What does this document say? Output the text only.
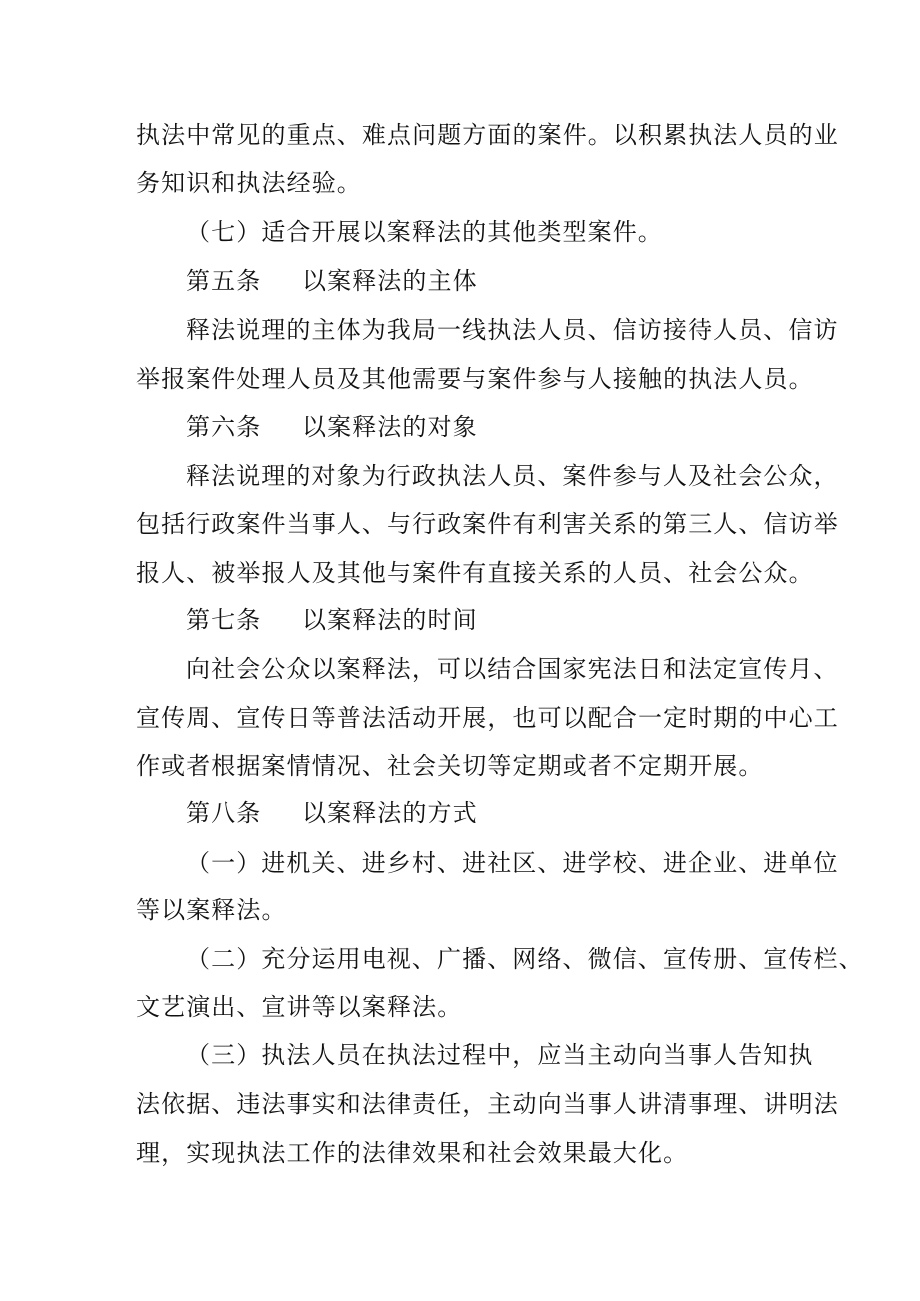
执法中常见的重点、难点问题方面的案件。以积累执法人员的业
务知识和执法经验。
（七）适合开展以案释法的其他类型案件。
第五条 以案释法的主体
释法说理的主体为我局一线执法人员、信访接待人员、信访
举报案件处理人员及其他需要与案件参与人接触的执法人员。
第六条 以案释法的对象
释法说理的对象为行政执法人员、案件参与人及社会公众，
包括行政案件当事人、与行政案件有利害关系的第三人、信访举
报人、被举报人及其他与案件有直接关系的人员、社会公众。
第七条 以案释法的时间
向社会公众以案释法，可以结合国家宪法日和法定宣传月、
宣传周、宣传日等普法活动开展，也可以配合一定时期的中心工
作或者根据案情情况、社会关切等定期或者不定期开展。
第八条 以案释法的方式
（一）进机关、进乡村、进社区、进学校、进企业、进单位
等以案释法。
（二）充分运用电视、广播、网络、微信、宣传册、宣传栏、
文艺演出、宣讲等以案释法。
（三）执法人员在执法过程中，应当主动向当事人告知执
法依据、违法事实和法律责任，主动向当事人讲清事理、讲明法
理，实现执法工作的法律效果和社会效果最大化。
